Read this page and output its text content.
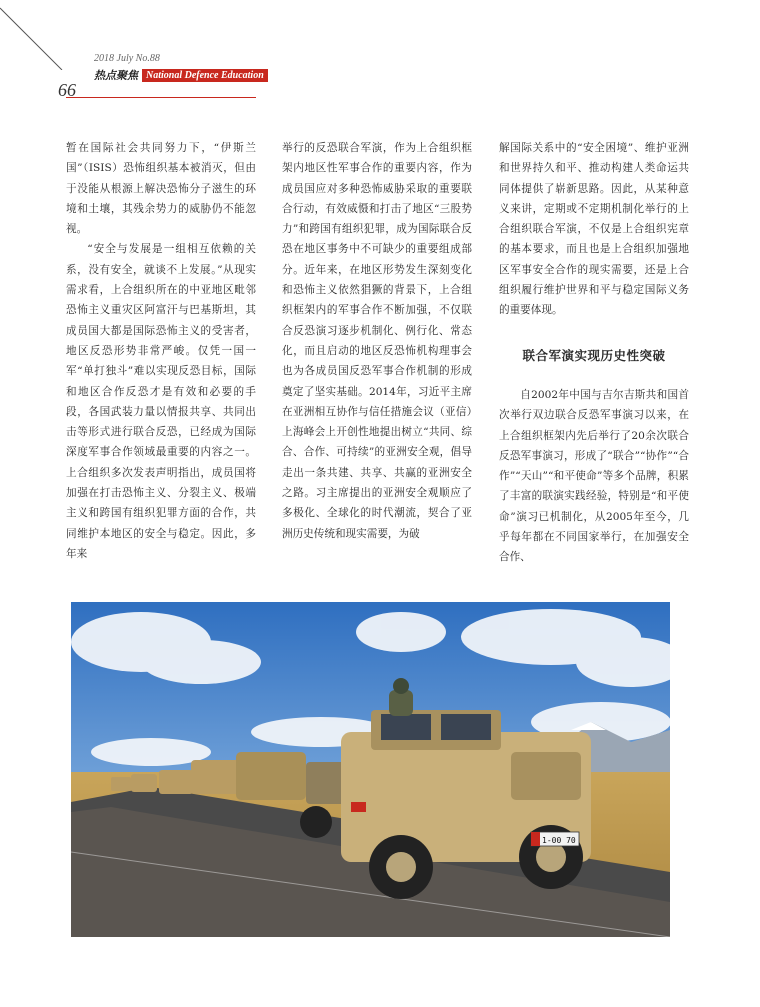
2018 July No.88
热点聚焦 National Defence Education
66

暂在国际社会共同努力下，“伊斯兰国”（ISIS）恐怖组织基本被消灭，但由于没能从根源上解决恐怖分子滋生的环境和土壤，其残余势力的威胁仍不能忽视。

“安全与发展是一组相互依赖的关系，没有安全，就谈不上发展。”从现实需求看，上合组织所在的中亚地区毗邻恐怖主义重灾区阿富汗与巴基斯坦，其成员国大都是国际恐怖主义的受害者，地区反恐形势非常严峻。仅凭一国一军“单打独斗”难以实现反恐目标，国际和地区合作反恐才是有效和必要的手段，各国武装力量以情报共享、共同出击等形式进行联合反恐，已经成为国际深度军事合作领域最重要的内容之一。上合组织多次发表声明指出，成员国将加强在打击恐怖主义、分裂主义、极端主义和跨国有组织犯罪方面的合作，共同维护本地区的安全与稳定。因此，多年来

举行的反恐联合军演，作为上合组织框架内地区性军事合作的重要内容，作为成员国应对多种恐怖威胁采取的重要联合行动，有效威慑和打击了地区“三股势力”和跨国有组织犯罪，成为国际联合反恐在地区事务中不可缺少的重要组成部分。近年来，在地区形势发生深刻变化和恐怖主义依然猖獗的背景下，上合组织框架内的军事合作不断加强，不仅联合反恐演习逐步机制化、例行化、常态化，而且启动的地区反恐怖机构理事会也为各成员国反恐军事合作机制的形成奠定了坚实基础。2014年，习近平主席在亚洲相互协作与信任措施会议（亚信）上海峰会上开创性地提出树立“共同、综合、合作、可持续”的亚洲安全观，倡导走出一条共建、共享、共赢的亚洲安全之路。习主席提出的亚洲安全观顺应了多极化、全球化的时代潮流，契合了亚洲历史传统和现实需要，为破

解国际关系中的“安全困境”、维护亚洲和世界持久和平、推动构建人类命运共同体提供了崭新思路。因此，从某种意义来讲，定期或不定期机制化举行的上合组织联合军演，不仅是上合组织宪章的基本要求，而且也是上合组织加强地区军事安全合作的现实需要，还是上合组织履行维护世界和平与稳定国际义务的重要体现。

联合军演实现历史性突破

自2002年中国与吉尔吉斯共和国首次举行双边联合反恐军事演习以来，在上合组织框架内先后举行了20余次联合反恐军事演习，形成了“联合”“协作”“合作”“天山”“和平使命”等多个品牌，积累了丰富的联演实践经验，特别是“和平使命”演习已机制化，从2005年至今，几乎每年都在不同国家举行，在加强安全合作、

1-00 70
